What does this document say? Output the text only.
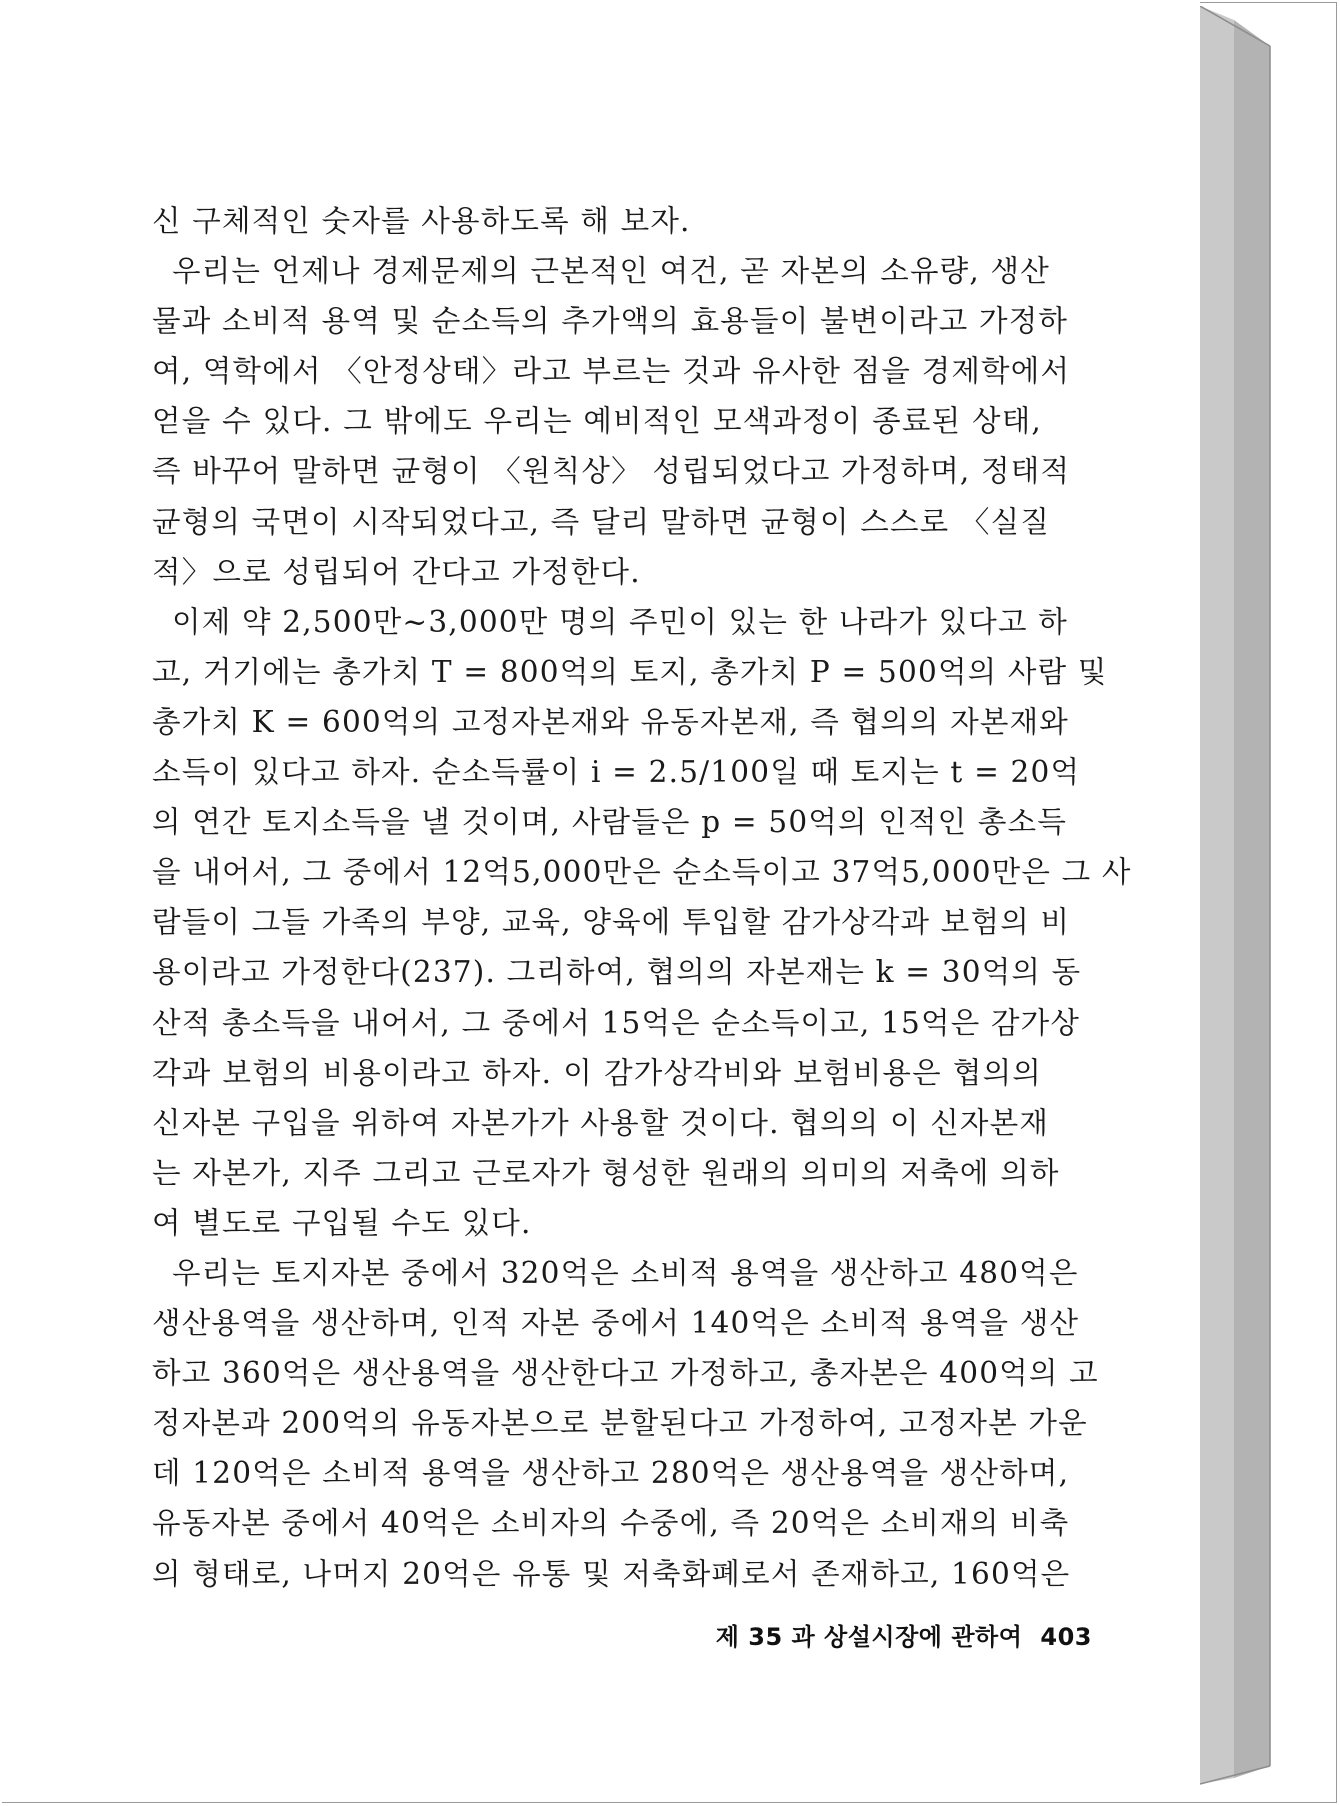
신 구체적인 숫자를 사용하도록 해 보자.
우리는 언제나 경제문제의 근본적인 여건, 곧 자본의 소유량, 생산
물과 소비적 용역 및 순소득의 추가액의 효용들이 불변이라고 가정하
여, 역학에서 〈안정상태〉라고 부르는 것과 유사한 점을 경제학에서
얻을 수 있다. 그 밖에도 우리는 예비적인 모색과정이 종료된 상태,
즉 바꾸어 말하면 균형이 〈원칙상〉 성립되었다고 가정하며, 정태적
균형의 국면이 시작되었다고, 즉 달리 말하면 균형이 스스로 〈실질
적〉으로 성립되어 간다고 가정한다.
이제 약 2,500만~3,000만 명의 주민이 있는 한 나라가 있다고 하
고, 거기에는 총가치 T = 800억의 토지, 총가치 P = 500억의 사람 및
총가치 K = 600억의 고정자본재와 유동자본재, 즉 협의의 자본재와
소득이 있다고 하자. 순소득률이 i = 2.5/100일 때 토지는 t = 20억
의 연간 토지소득을 낼 것이며, 사람들은 p = 50억의 인적인 총소득
을 내어서, 그 중에서 12억5,000만은 순소득이고 37억5,000만은 그 사
람들이 그들 가족의 부양, 교육, 양육에 투입할 감가상각과 보험의 비
용이라고 가정한다(237). 그리하여, 협의의 자본재는 k = 30억의 동
산적 총소득을 내어서, 그 중에서 15억은 순소득이고, 15억은 감가상
각과 보험의 비용이라고 하자. 이 감가상각비와 보험비용은 협의의
신자본 구입을 위하여 자본가가 사용할 것이다. 협의의 이 신자본재
는 자본가, 지주 그리고 근로자가 형성한 원래의 의미의 저축에 의하
여 별도로 구입될 수도 있다.
우리는 토지자본 중에서 320억은 소비적 용역을 생산하고 480억은
생산용역을 생산하며, 인적 자본 중에서 140억은 소비적 용역을 생산
하고 360억은 생산용역을 생산한다고 가정하고, 총자본은 400억의 고
정자본과 200억의 유동자본으로 분할된다고 가정하여, 고정자본 가운
데 120억은 소비적 용역을 생산하고 280억은 생산용역을 생산하며,
유동자본 중에서 40억은 소비자의 수중에, 즉 20억은 소비재의 비축
의 형태로, 나머지 20억은 유통 및 저축화폐로서 존재하고, 160억은
제 35 과 상설시장에 관하여 403
